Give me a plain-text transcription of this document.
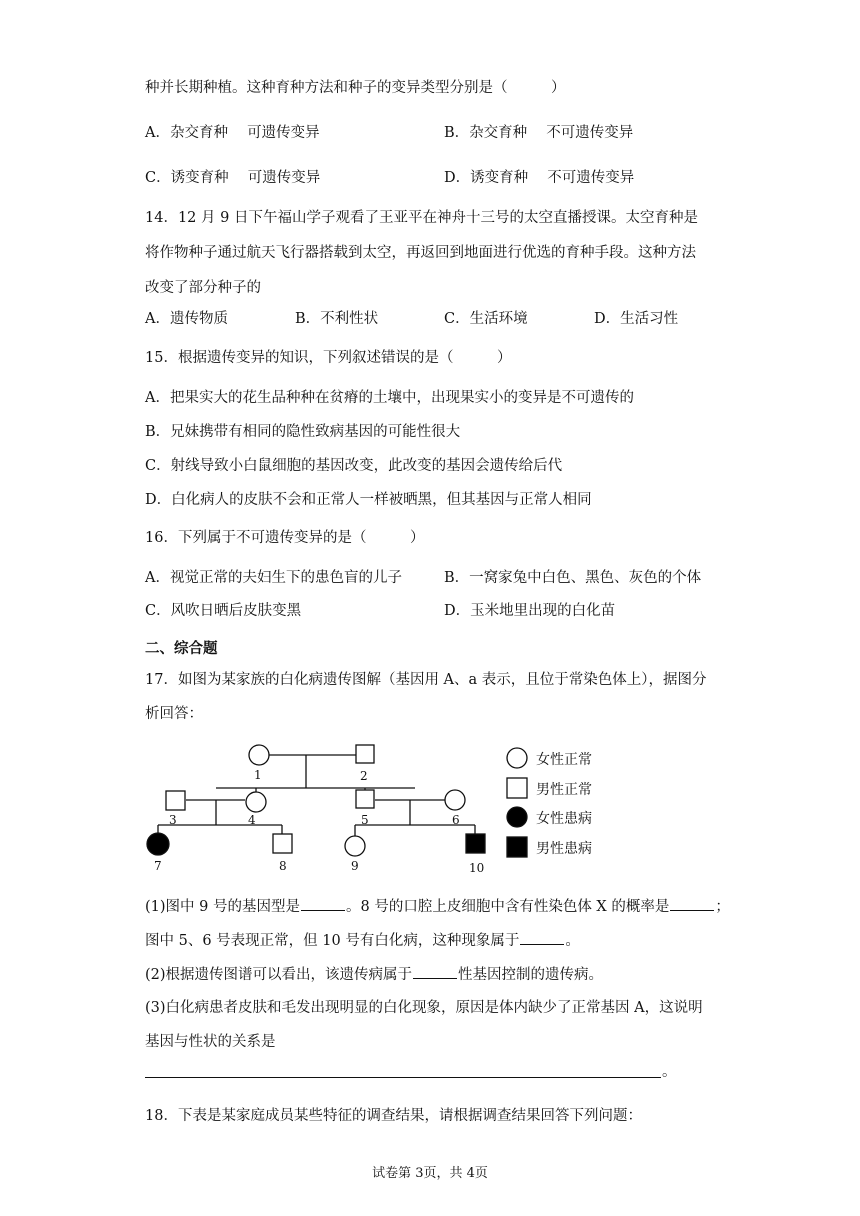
种并长期种植。这种育种方法和种子的变异类型分别是（　　　）
A．杂交育种　 可遗传变异	B．杂交育种　 不可遗传变异
C．诱变育种　 可遗传变异	D．诱变育种　 不可遗传变异
14．12 月 9 日下午福山学子观看了王亚平在神舟十三号的太空直播授课。太空育种是
将作物种子通过航天飞行器搭载到太空，再返回到地面进行优选的育种手段。这种方法
改变了部分种子的
A．遗传物质	B．不利性状	C．生活环境	D．生活习性
15．根据遗传变异的知识，下列叙述错误的是（　　　）
A．把果实大的花生品种种在贫瘠的土壤中，出现果实小的变异是不可遗传的
B．兄妹携带有相同的隐性致病基因的可能性很大
C．射线导致小白鼠细胞的基因改变，此改变的基因会遗传给后代
D．白化病人的皮肤不会和正常人一样被晒黑，但其基因与正常人相同
16．下列属于不可遗传变异的是（　　　）
A．视觉正常的夫妇生下的患色盲的儿子	B．一窝家兔中白色、黑色、灰色的个体
C．风吹日晒后皮肤变黑	D．玉米地里出现的白化苗
二、综合题
17．如图为某家族的白化病遗传图解（基因用 A、a 表示，且位于常染色体上），据图分
析回答：
1	2
3	4	5	6
7	8	9	10
女性正常
男性正常
女性患病
男性患病
(1)图中 9 号的基因型是	。8 号的口腔上皮细胞中含有性染色体 X 的概率是	；
图中 5、6 号表现正常，但 10 号有白化病，这种现象属于	。
(2)根据遗传图谱可以看出，该遗传病属于	性基因控制的遗传病。
(3)白化病患者皮肤和毛发出现明显的白化现象，原因是体内缺少了正常基因 A，这说明
基因与性状的关系是
。
18．下表是某家庭成员某些特征的调查结果，请根据调查结果回答下列问题：
试卷第 3页，共 4页
